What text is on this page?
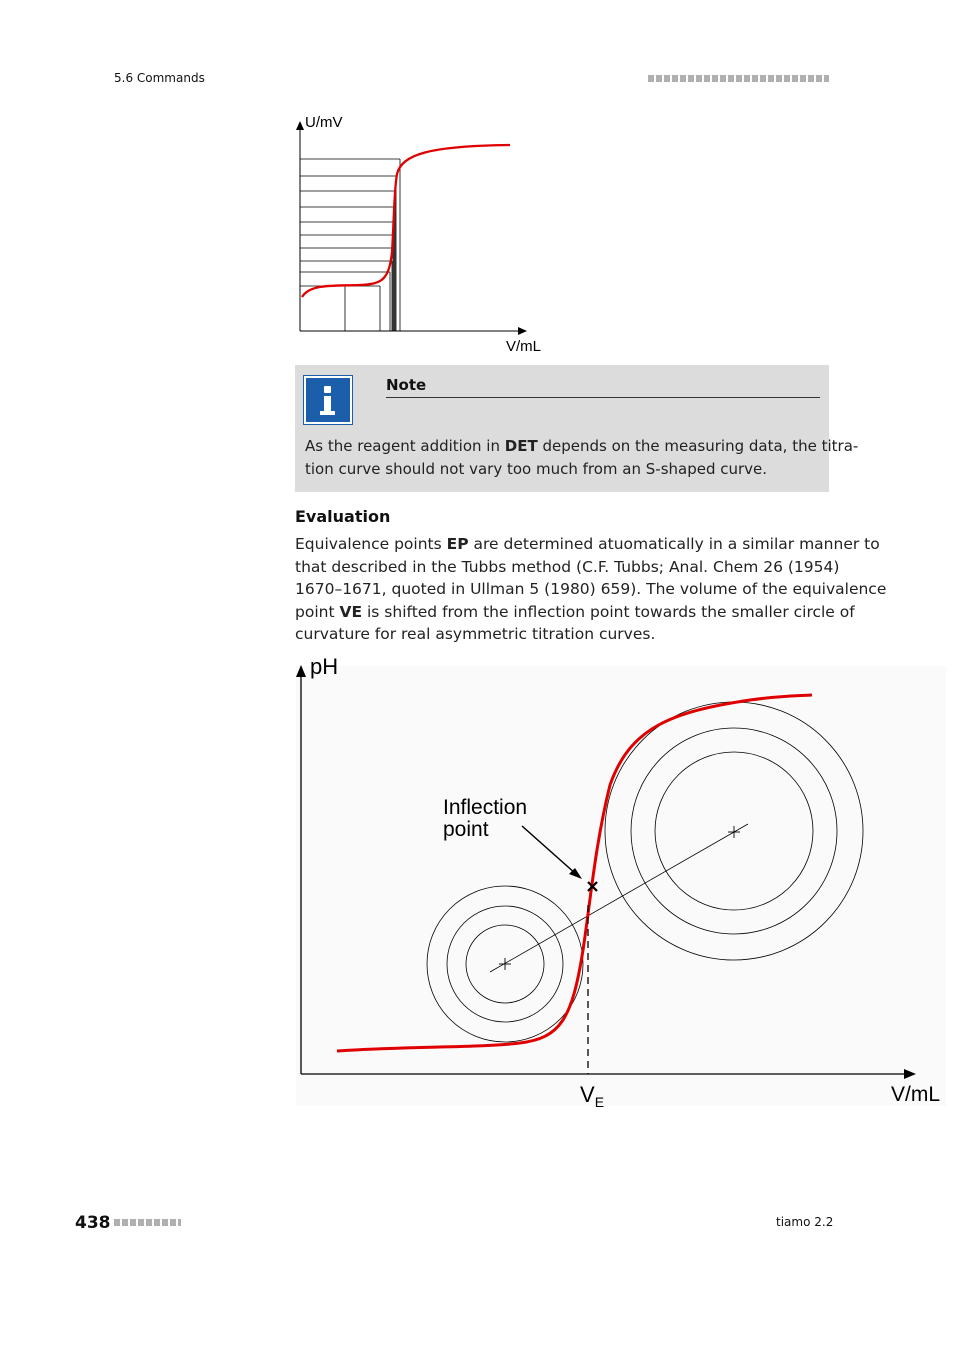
5.6 Commands
U/mV
V/mL
Note
As the reagent addition in DET depends on the measuring data, the titra-
tion curve should not vary too much from an S-shaped curve.
Evaluation
Equivalence points EP are determined atuomatically in a similar manner to
that described in the Tubbs method (C.F. Tubbs; Anal. Chem 26 (1954)
1670–1671, quoted in Ullman 5 (1980) 659). The volume of the equivalence
point VE is shifted from the inflection point towards the smaller circle of
curvature for real asymmetric titration curves.
pH
V/mL
Inflection
point
$V_E$
438	tiamo 2.2
